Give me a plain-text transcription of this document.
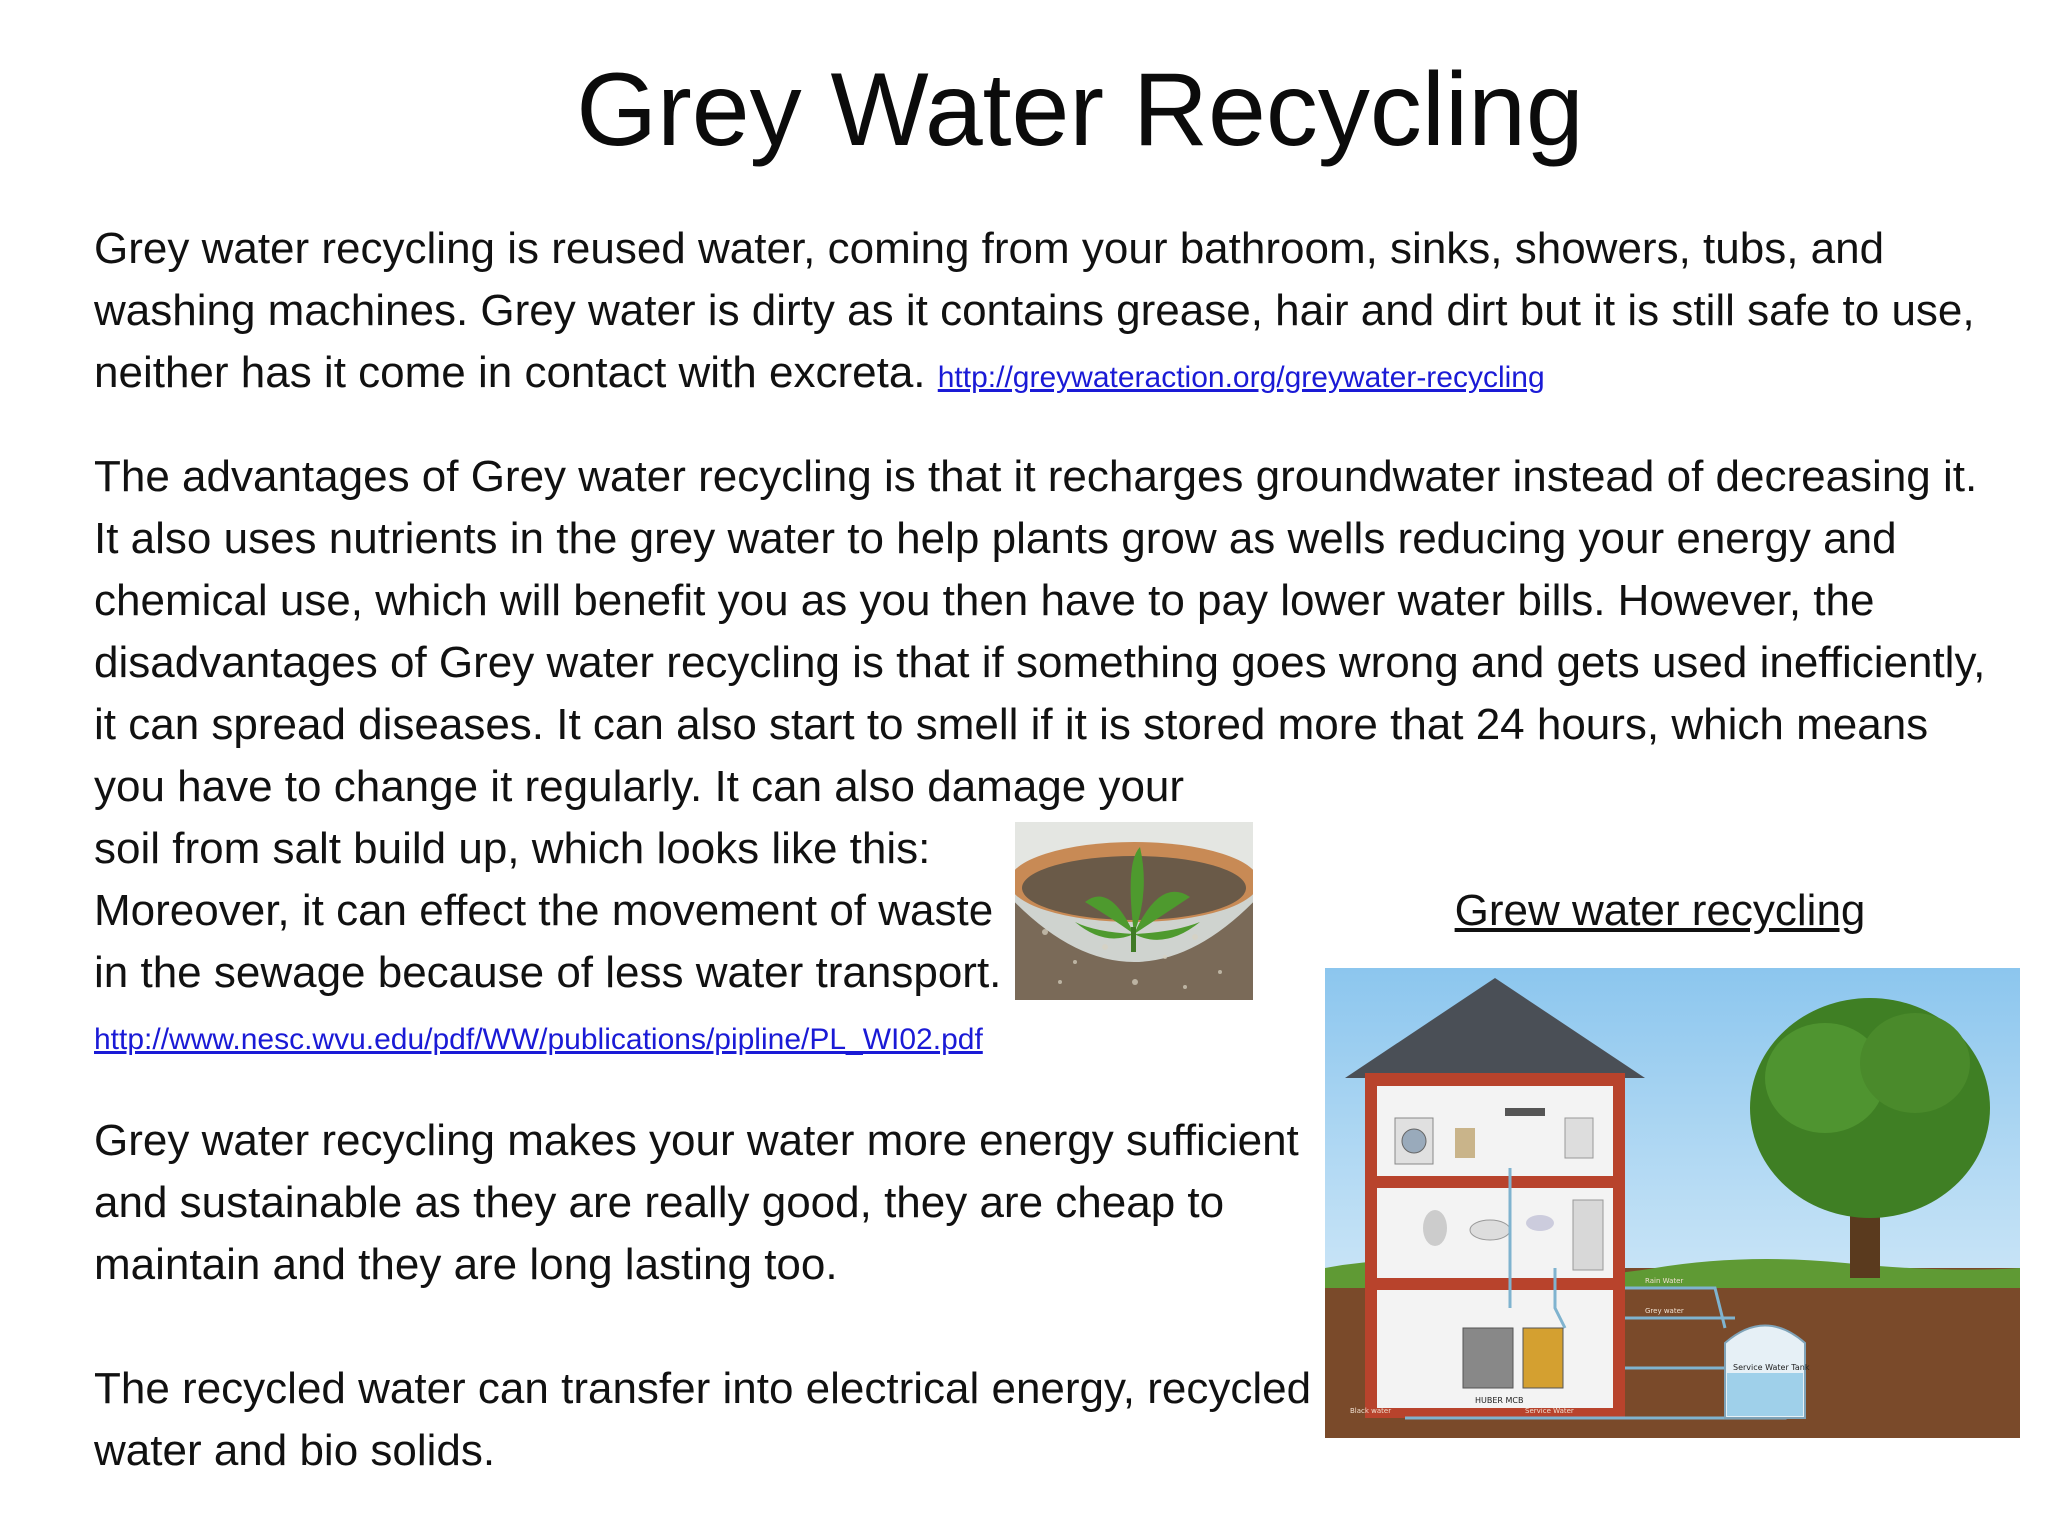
Grey Water Recycling

Grey water recycling is reused water, coming from your bathroom, sinks, showers, tubs, and washing machines. Grey water is dirty as it contains grease, hair and dirt but it is still safe to use, neither has it come in contact with excreta. http://greywateraction.org/greywater-recycling

The advantages of Grey water recycling is that it recharges groundwater instead of decreasing it. It also uses nutrients in the grey water to help plants grow as wells reducing your energy and chemical use, which will benefit you as you then have to pay lower water bills. However, the disadvantages of Grey water recycling is that if something goes wrong and gets used inefficiently, it can spread diseases. It can also start to smell if it is stored more that 24 hours, which means you have to change it regularly. It can also damage your

soil from salt build up, which looks like this: Moreover, it can effect the movement of waste in the sewage because of less water transport. http://www.nesc.wvu.edu/pdf/WW/publications/pipline/PL_WI02.pdf

Grew water recycling
HUBER MCB
Service Water Tank
Rain Water
Grey water
Service Water
Black water

Grey water recycling makes your water more energy sufficient and sustainable as they are really good, they are cheap to maintain and they are long lasting too.

The recycled water can transfer into electrical energy, recycled water and bio solids.
